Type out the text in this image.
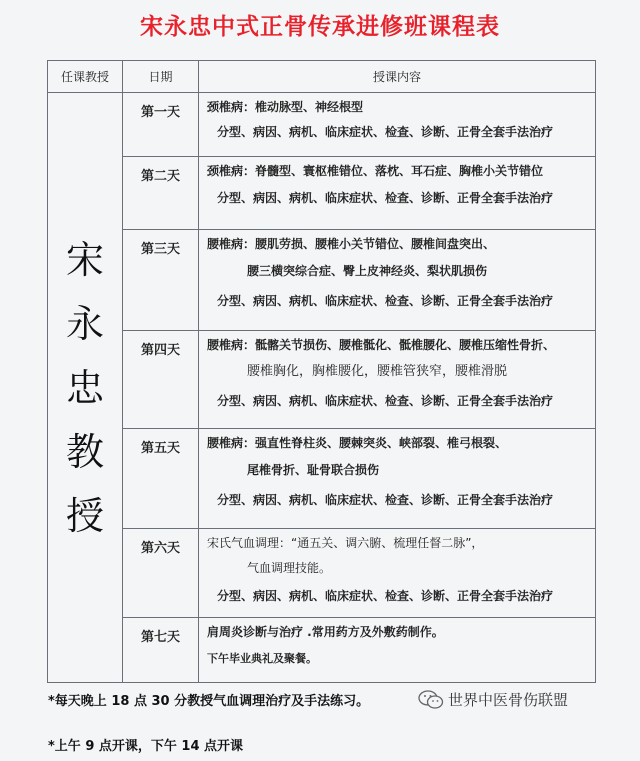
宋永忠中式正骨传承进修班课程表
任课教授	日期	授课内容

宋
永
忠
教
授	第一天	颈椎病：椎动脉型、神经根型
分型、病因、病机、临床症状、检查、诊断、正骨全套手法治疗

	第二天	颈椎病：脊髓型、寰枢椎错位、落枕、耳石症、胸椎小关节错位
分型、病因、病机、临床症状、检查、诊断、正骨全套手法治疗

	第三天	腰椎病：腰肌劳损、腰椎小关节错位、腰椎间盘突出、
腰三横突综合症、臀上皮神经炎、梨状肌损伤
分型、病因、病机、临床症状、检查、诊断、正骨全套手法治疗

	第四天	腰椎病：骶髂关节损伤、腰椎骶化、骶椎腰化、腰椎压缩性骨折、
腰椎胸化，胸椎腰化，腰椎管狭窄，腰椎滑脱
分型、病因、病机、临床症状、检查、诊断、正骨全套手法治疗

	第五天	腰椎病：强直性脊柱炎、腰棘突炎、峡部裂、椎弓根裂、
尾椎骨折、耻骨联合损伤
分型、病因、病机、临床症状、检查、诊断、正骨全套手法治疗

	第六天	宋氏气血调理：“通五关、调六腑、梳理任督二脉”，
气血调理技能。
分型、病因、病机、临床症状、检查、诊断、正骨全套手法治疗

	第七天	肩周炎诊断与治疗 .常用药方及外敷药制作。
下午毕业典礼及聚餐。
*每天晚上 18 点 30 分教授气血调理治疗及手法练习。	世界中医骨伤联盟
*上午 9 点开课，下午 14 点开课
